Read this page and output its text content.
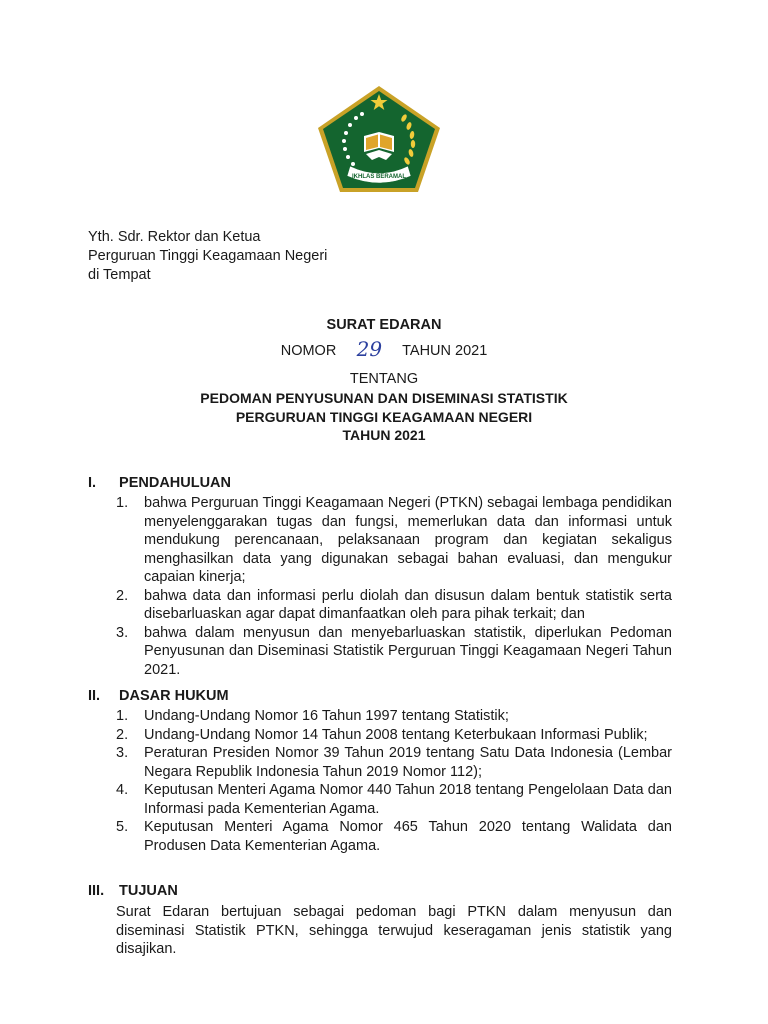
IKHLAS BERAMAL
Yth. Sdr. Rektor dan Ketua
Perguruan Tinggi Keagamaan Negeri
di Tempat
SURAT EDARAN
NOMOR 29 TAHUN 2021
TENTANG
PEDOMAN PENYUSUNAN DAN DISEMINASI STATISTIK
PERGURUAN TINGGI KEAGAMAAN NEGERI
TAHUN 2021
I. PENDAHULUAN
1. bahwa Perguruan Tinggi Keagamaan Negeri (PTKN) sebagai lembaga pendidikan menyelenggarakan tugas dan fungsi, memerlukan data dan informasi untuk mendukung perencanaan, pelaksanaan program dan kegiatan sekaligus menghasilkan data yang digunakan sebagai bahan evaluasi, dan mengukur capaian kinerja;
2. bahwa data dan informasi perlu diolah dan disusun dalam bentuk statistik serta disebarluaskan agar dapat dimanfaatkan oleh para pihak terkait; dan
3. bahwa dalam menyusun dan menyebarluaskan statistik, diperlukan Pedoman Penyusunan dan Diseminasi Statistik Perguruan Tinggi Keagamaan Negeri Tahun 2021.
II. DASAR HUKUM
1. Undang-Undang Nomor 16 Tahun 1997 tentang Statistik;
2. Undang-Undang Nomor 14 Tahun 2008 tentang Keterbukaan Informasi Publik;
3. Peraturan Presiden Nomor 39 Tahun 2019 tentang Satu Data Indonesia (Lembar Negara Republik Indonesia Tahun 2019 Nomor 112);
4. Keputusan Menteri Agama Nomor 440 Tahun 2018 tentang Pengelolaan Data dan Informasi pada Kementerian Agama.
5. Keputusan Menteri Agama Nomor 465 Tahun 2020 tentang Walidata dan Produsen Data Kementerian Agama.
III. TUJUAN
Surat Edaran bertujuan sebagai pedoman bagi PTKN dalam menyusun dan diseminasi Statistik PTKN, sehingga terwujud keseragaman jenis statistik yang disajikan.
